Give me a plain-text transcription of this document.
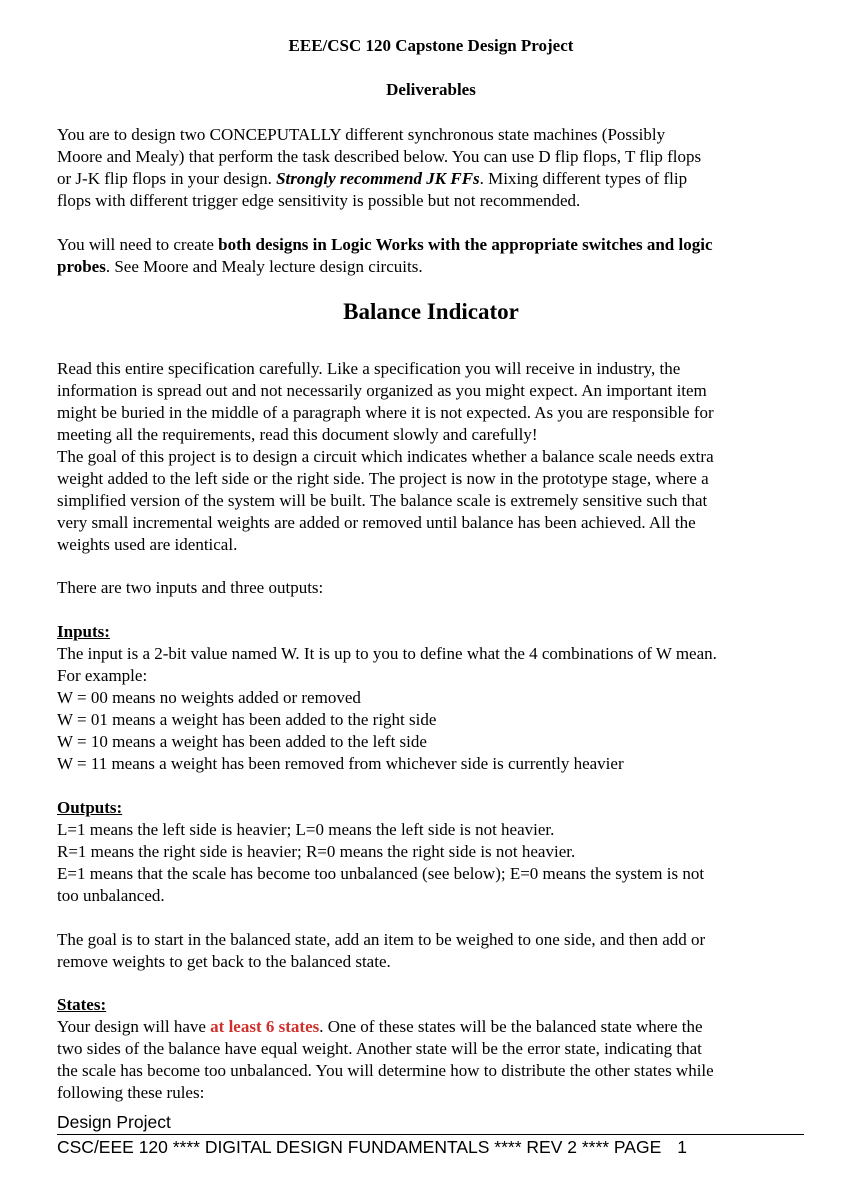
EEE/CSC 120 Capstone Design Project
Deliverables
You are to design two CONCEPUTALLY different synchronous state machines (Possibly
Moore and Mealy) that perform the task described below. You can use D flip flops, T flip flops
or J-K flip flops in your design. Strongly recommend JK FFs. Mixing different types of flip
flops with different trigger edge sensitivity is possible but not recommended.
You will need to create both designs in Logic Works with the appropriate switches and logic
probes. See Moore and Mealy lecture design circuits.
Balance Indicator
Read this entire specification carefully. Like a specification you will receive in industry, the
information is spread out and not necessarily organized as you might expect. An important item
might be buried in the middle of a paragraph where it is not expected. As you are responsible for
meeting all the requirements, read this document slowly and carefully!
The goal of this project is to design a circuit which indicates whether a balance scale needs extra
weight added to the left side or the right side. The project is now in the prototype stage, where a
simplified version of the system will be built. The balance scale is extremely sensitive such that
very small incremental weights are added or removed until balance has been achieved. All the
weights used are identical.
There are two inputs and three outputs:
Inputs:
The input is a 2-bit value named W. It is up to you to define what the 4 combinations of W mean.
For example:
W = 00 means no weights added or removed
W = 01 means a weight has been added to the right side
W = 10 means a weight has been added to the left side
W = 11 means a weight has been removed from whichever side is currently heavier
Outputs:
L=1 means the left side is heavier; L=0 means the left side is not heavier.
R=1 means the right side is heavier; R=0 means the right side is not heavier.
E=1 means that the scale has become too unbalanced (see below); E=0 means the system is not
too unbalanced.
The goal is to start in the balanced state, add an item to be weighed to one side, and then add or
remove weights to get back to the balanced state.
States:
Your design will have at least 6 states. One of these states will be the balanced state where the
two sides of the balance have equal weight. Another state will be the error state, indicating that
the scale has become too unbalanced. You will determine how to distribute the other states while
following these rules:
Design Project
CSC/EEE 120 **** DIGITAL DESIGN FUNDAMENTALS **** REV 2 **** PAGE 1
